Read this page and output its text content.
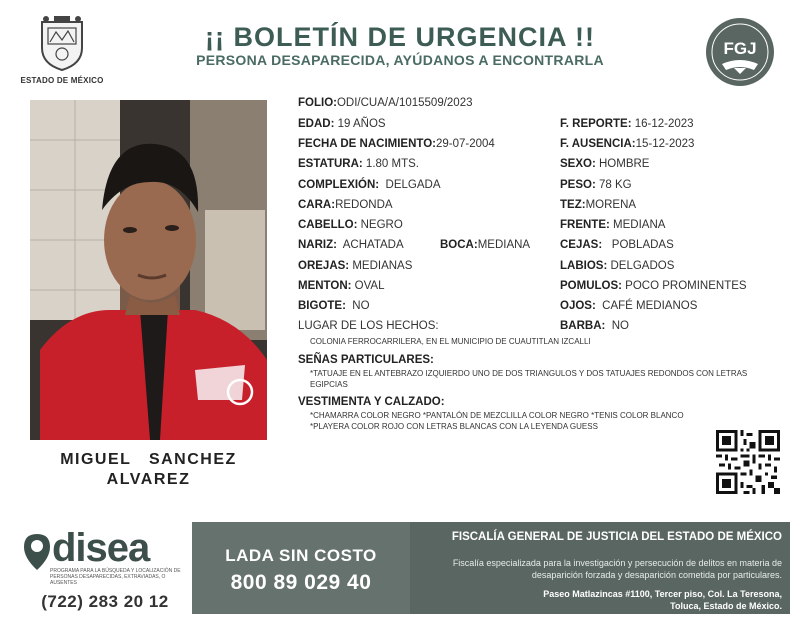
ESTADO DE MÉXICO
¡¡ BOLETÍN DE URGENCIA !!
PERSONA DESAPARECIDA, AYÚDANOS A ENCONTRARLA
FGJ
MIGUEL   SANCHEZ
ALVAREZ
FOLIO:ODI/CUA/A/1015509/2023
EDAD: 19 AÑOS	F. REPORTE: 16-12-2023
FECHA DE NACIMIENTO:29-07-2004	F. AUSENCIA:15-12-2023
ESTATURA: 1.80 MTS.	SEXO: HOMBRE
COMPLEXIÓN:  DELGADA	PESO: 78 KG
CARA:REDONDA	TEZ:MORENA
CABELLO: NEGRO	FRENTE: MEDIANA
NARIZ:  ACHATADA	BOCA:MEDIANA	CEJAS:   POBLADAS
OREJAS: MEDIANAS	LABIOS: DELGADOS
MENTON: OVAL	POMULOS: POCO PROMINENTES
BIGOTE:  NO	OJOS:  CAFÉ MEDIANOS
LUGAR DE LOS HECHOS:	BARBA:  NO
COLONIA FERROCARRILERA, EN EL MUNICIPIO DE CUAUTITLAN IZCALLI
SEÑAS PARTICULARES:
*TATUAJE EN EL ANTEBRAZO IZQUIERDO UNO DE DOS TRIANGULOS Y DOS TATUAJES REDONDOS CON LETRAS EGIPCIAS
VESTIMENTA Y CALZADO:
*CHAMARRA COLOR NEGRO *PANTALÓN DE MEZCLILLA COLOR NEGRO *TENIS COLOR BLANCO *PLAYERA COLOR ROJO CON LETRAS BLANCAS CON LA LEYENDA GUESS
disea
PROGRAMA PARA LA BÚSQUEDA Y LOCALIZACIÓN DE PERSONAS DESAPARECIDAS, EXTRAVIADAS, O AUSENTES
(722) 283 20 12
LADA SIN COSTO
800 89 029 40
FISCALÍA GENERAL DE JUSTICIA DEL ESTADO DE MÉXICO
Fiscalía especializada para la investigación y persecución de delitos en materia de desaparición forzada y desaparición cometida por particulares.
Paseo Matlazincas #1100, Tercer piso, Col. La Teresona,
Toluca, Estado de México.
